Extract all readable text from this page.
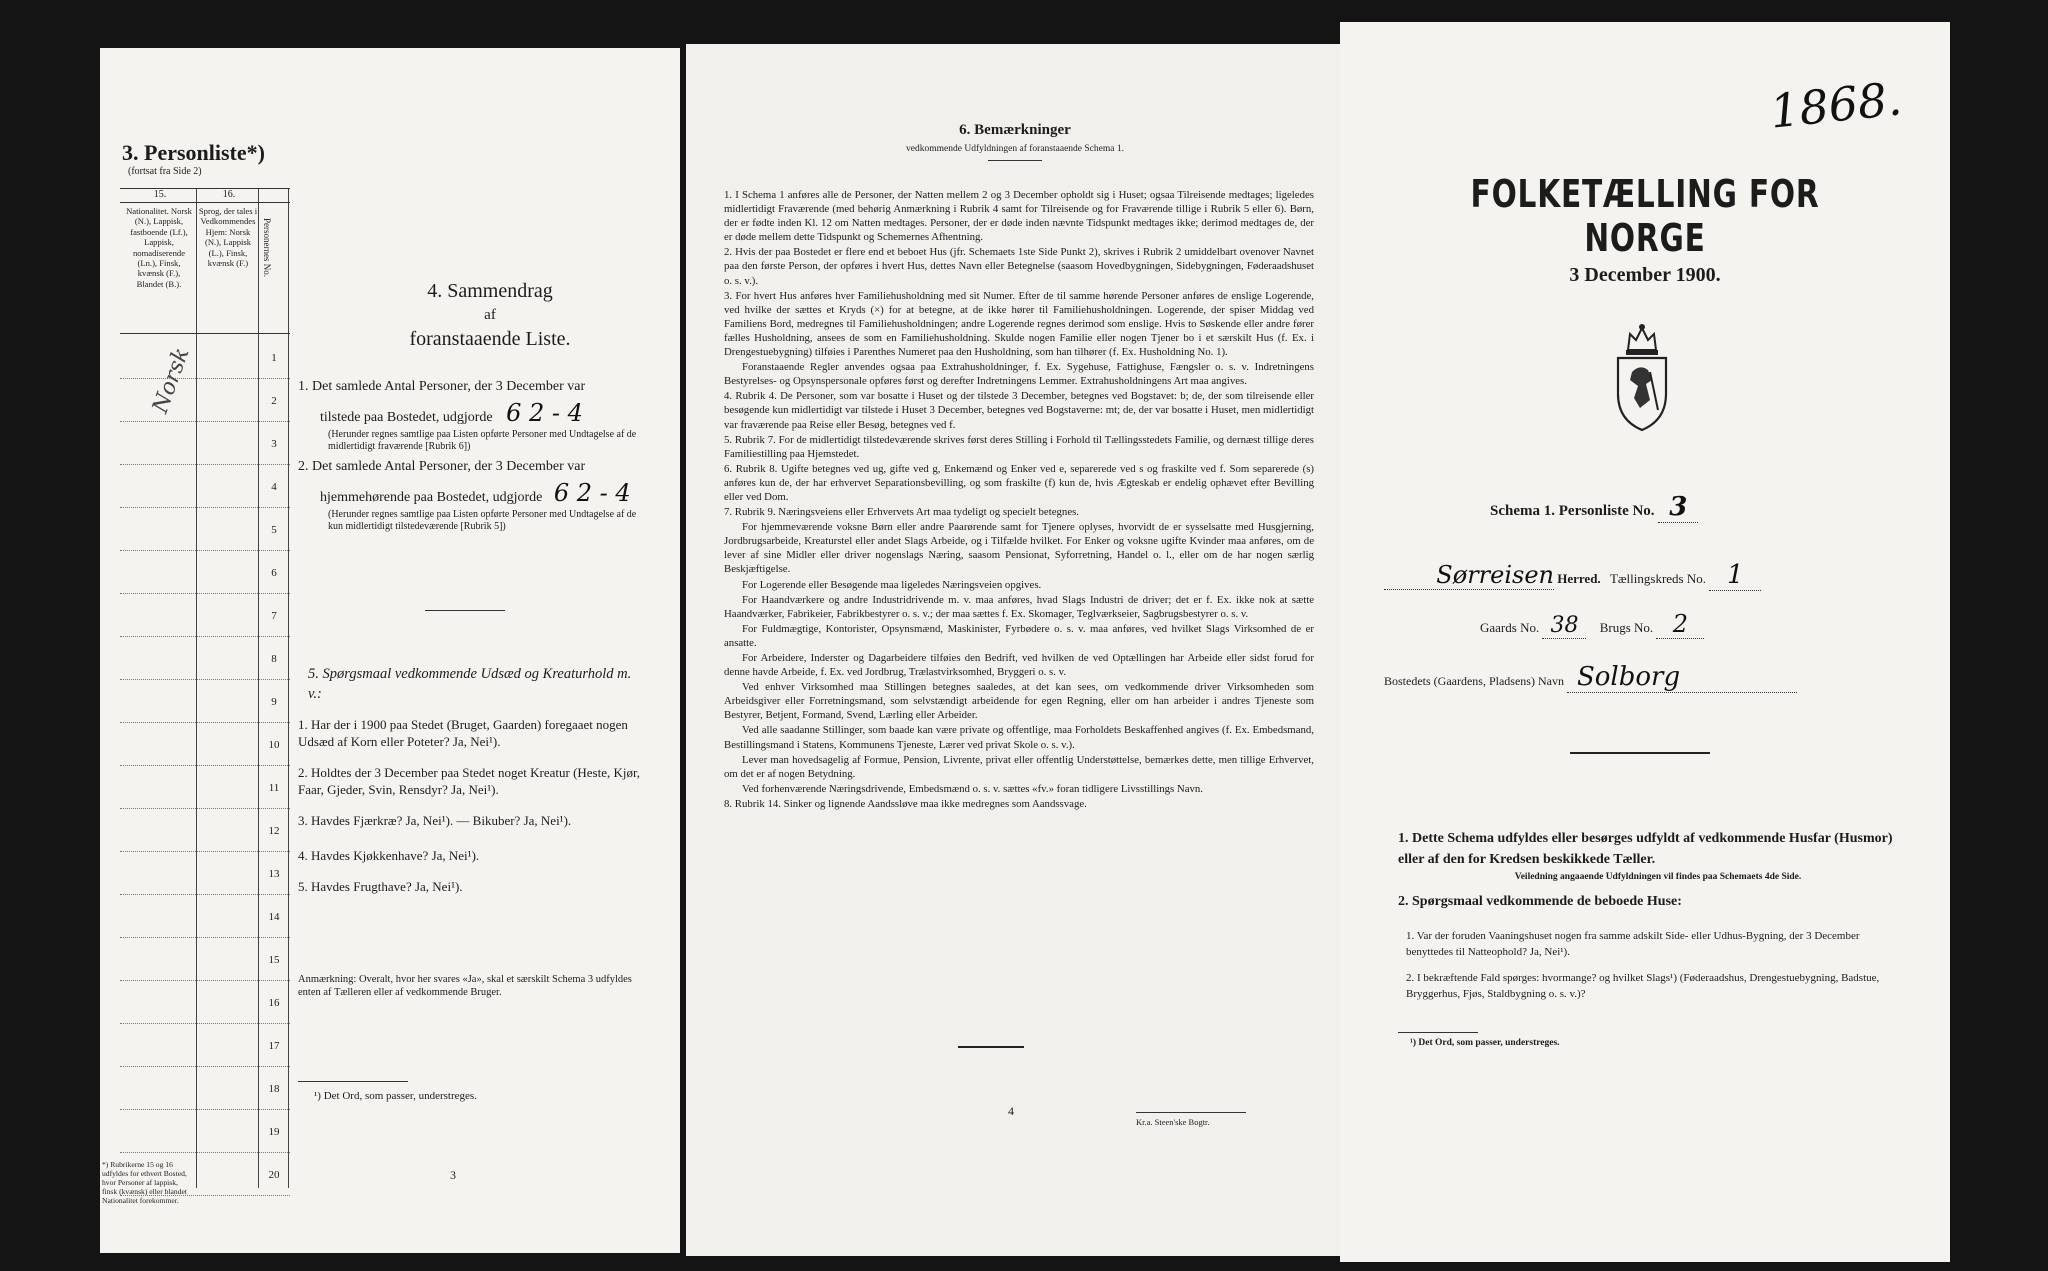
3. Personliste*)
(fortsat fra Side 2)
15.	16.
Nationalitet. Norsk (N.), Lappisk, fastboende (Lf.), Lappisk, nomadiserende (Ln.), Finsk, kvænsk (F.), Blandet (B.).
Sprog, der tales i Vedkommendes Hjem: Norsk (N.), Lappisk (L.), Finsk, kvænsk (F.)	Personernes No.
1
2
3
4
5
6
7
8
9
10
11
12
13
14
15
16
17
18
19
20
Norsk
*) Rubrikerne 15 og 16 udfyldes for ethvert Bosted, hvor Personer af lappisk, finsk (kvænsk) eller blandet Nationalitet forekommer.
4. Sammendrag
af
foranstaaende Liste.
1. Det samlede Antal Personer, der 3 December var
tilstede paa Bostedet, udgjorde 6 2 - 4
(Herunder regnes samtlige paa Listen opførte Personer med Undtagelse af de midlertidigt fraværende [Rubrik 6])
2. Det samlede Antal Personer, der 3 December var
hjemmehørende paa Bostedet, udgjorde 6 2 - 4
(Herunder regnes samtlige paa Listen opførte Personer med Undtagelse af de kun midlertidigt tilstedeværende [Rubrik 5])
5. Spørgsmaal vedkommende Udsæd og Kreaturhold m. v.:
1. Har der i 1900 paa Stedet (Bruget, Gaarden) foregaaet nogen Udsæd af Korn eller Poteter? Ja, Nei¹).
2. Holdtes der 3 December paa Stedet noget Kreatur (Heste, Kjør, Faar, Gjeder, Svin, Rensdyr? Ja, Nei¹).
3. Havdes Fjærkræ? Ja, Nei¹). — Bikuber? Ja, Nei¹).
4. Havdes Kjøkkenhave? Ja, Nei¹).
5. Havdes Frugthave? Ja, Nei¹).
Anmærkning: Overalt, hvor her svares «Ja», skal et særskilt Schema 3 udfyldes enten af Tælleren eller af vedkommende Bruger.
¹) Det Ord, som passer, understreges.
3
6. Bemærkninger
vedkommende Udfyldningen af foranstaaende Schema 1.
1. I Schema 1 anføres alle de Personer, der Natten mellem 2 og 3 December opholdt sig i Huset; ogsaa Tilreisende medtages; ligeledes midlertidigt Fraværende (med behørig Anmærkning i Rubrik 4 samt for Tilreisende og for Fraværende tillige i Rubrik 5 eller 6). Børn, der er fødte inden Kl. 12 om Natten medtages. Personer, der er døde inden nævnte Tidspunkt medtages ikke; derimod medtages de, der er døde mellem dette Tidspunkt og Schemernes Afhentning.
2. Hvis der paa Bostedet er flere end et beboet Hus (jfr. Schemaets 1ste Side Punkt 2), skrives i Rubrik 2 umiddelbart ovenover Navnet paa den første Person, der opføres i hvert Hus, dettes Navn eller Betegnelse (saasom Hovedbygningen, Sidebygningen, Føderaadshuset o. s. v.).
3. For hvert Hus anføres hver Familiehusholdning med sit Numer. Efter de til samme hørende Personer anføres de enslige Logerende, ved hvilke der sættes et Kryds (×) for at betegne, at de ikke hører til Familiehusholdningen. Logerende, der spiser Middag ved Familiens Bord, medregnes til Familiehusholdningen; andre Logerende regnes derimod som enslige. Hvis to Søskende eller andre fører fælles Husholdning, ansees de som en Familiehusholdning. Skulde nogen Familie eller nogen Tjener bo i et særskilt Hus (f. Ex. i Drengestuebygning) tilføies i Parenthes Numeret paa den Husholdning, som han tilhører (f. Ex. Husholdning No. 1).
Foranstaaende Regler anvendes ogsaa paa Extrahusholdninger, f. Ex. Sygehuse, Fattighuse, Fængsler o. s. v. Indretningens Bestyrelses- og Opsynspersonale opføres først og derefter Indretningens Lemmer. Extrahusholdningens Art maa angives.
4. Rubrik 4. De Personer, som var bosatte i Huset og der tilstede 3 December, betegnes ved Bogstavet: b; de, der som tilreisende eller besøgende kun midlertidigt var tilstede i Huset 3 December, betegnes ved Bogstaverne: mt; de, der var bosatte i Huset, men midlertidigt var fraværende paa Reise eller Besøg, betegnes ved f.
5. Rubrik 7. For de midlertidigt tilstedeværende skrives først deres Stilling i Forhold til Tællingsstedets Familie, og dernæst tillige deres Familiestilling paa Hjemstedet.
6. Rubrik 8. Ugifte betegnes ved ug, gifte ved g, Enkemænd og Enker ved e, separerede ved s og fraskilte ved f. Som separerede (s) anføres kun de, der har erhvervet Separationsbevilling, og som fraskilte (f) kun de, hvis Ægteskab er endelig ophævet efter Bevilling eller ved Dom.
7. Rubrik 9. Næringsveiens eller Erhvervets Art maa tydeligt og specielt betegnes.
For hjemmeværende voksne Børn eller andre Paarørende samt for Tjenere oplyses, hvorvidt de er sysselsatte med Husgjerning, Jordbrugsarbeide, Kreaturstel eller andet Slags Arbeide, og i Tilfælde hvilket. For Enker og voksne ugifte Kvinder maa anføres, om de lever af sine Midler eller driver nogenslags Næring, saasom Pensionat, Syforretning, Handel o. l., eller om de har nogen særlig Beskjæftigelse.
For Logerende eller Besøgende maa ligeledes Næringsveien opgives.
For Haandværkere og andre Industridrivende m. v. maa anføres, hvad Slags Industri de driver; det er f. Ex. ikke nok at sætte Haandværker, Fabrikeier, Fabrikbestyrer o. s. v.; der maa sættes f. Ex. Skomager, Teglværkseier, Sagbrugsbestyrer o. s. v.
For Fuldmægtige, Kontorister, Opsynsmænd, Maskinister, Fyrbødere o. s. v. maa anføres, ved hvilket Slags Virksomhed de er ansatte.
For Arbeidere, Inderster og Dagarbeidere tilføies den Bedrift, ved hvilken de ved Optællingen har Arbeide eller sidst forud for denne havde Arbeide, f. Ex. ved Jordbrug, Trælastvirksomhed, Bryggeri o. s. v.
Ved enhver Virksomhed maa Stillingen betegnes saaledes, at det kan sees, om vedkommende driver Virksomheden som Arbeidsgiver eller Forretningsmand, som selvstændigt arbeidende for egen Regning, eller om han arbeider i andres Tjeneste som Bestyrer, Betjent, Formand, Svend, Lærling eller Arbeider.
Ved alle saadanne Stillinger, som baade kan være private og offentlige, maa Forholdets Beskaffenhed angives (f. Ex. Embedsmand, Bestillingsmand i Statens, Kommunens Tjeneste, Lærer ved privat Skole o. s. v.).
Lever man hovedsagelig af Formue, Pension, Livrente, privat eller offentlig Understøttelse, bemærkes dette, men tillige Erhvervet, om det er af nogen Betydning.
Ved forhenværende Næringsdrivende, Embedsmænd o. s. v. sættes «fv.» foran tidligere Livsstillings Navn.
8. Rubrik 14. Sinker og lignende Aandssløve maa ikke medregnes som Aandssvage.
4
Kr.a. Steen'ske Bogtr.
1868.
FOLKETÆLLING FOR NORGE
3 December 1900.
Schema 1. Personliste No. 3
Sørreisen Herred. Tællingskreds No. 1
Gaards No. 38 Brugs No. 2
Bostedets (Gaardens, Pladsens) Navn Solborg
1. Dette Schema udfyldes eller besørges udfyldt af vedkommende Husfar (Husmor) eller af den for Kredsen beskikkede Tæller.
Veiledning angaaende Udfyldningen vil findes paa Schemaets 4de Side.
2. Spørgsmaal vedkommende de beboede Huse:
1. Var der foruden Vaaningshuset nogen fra samme adskilt Side- eller Udhus-Bygning, der 3 December benyttedes til Natteophold? Ja, Nei¹).
2. I bekræftende Fald spørges: hvormange? og hvilket Slags¹) (Føderaadshus, Drengestuebygning, Badstue, Bryggerhus, Fjøs, Staldbygning o. s. v.)?
¹) Det Ord, som passer, understreges.
